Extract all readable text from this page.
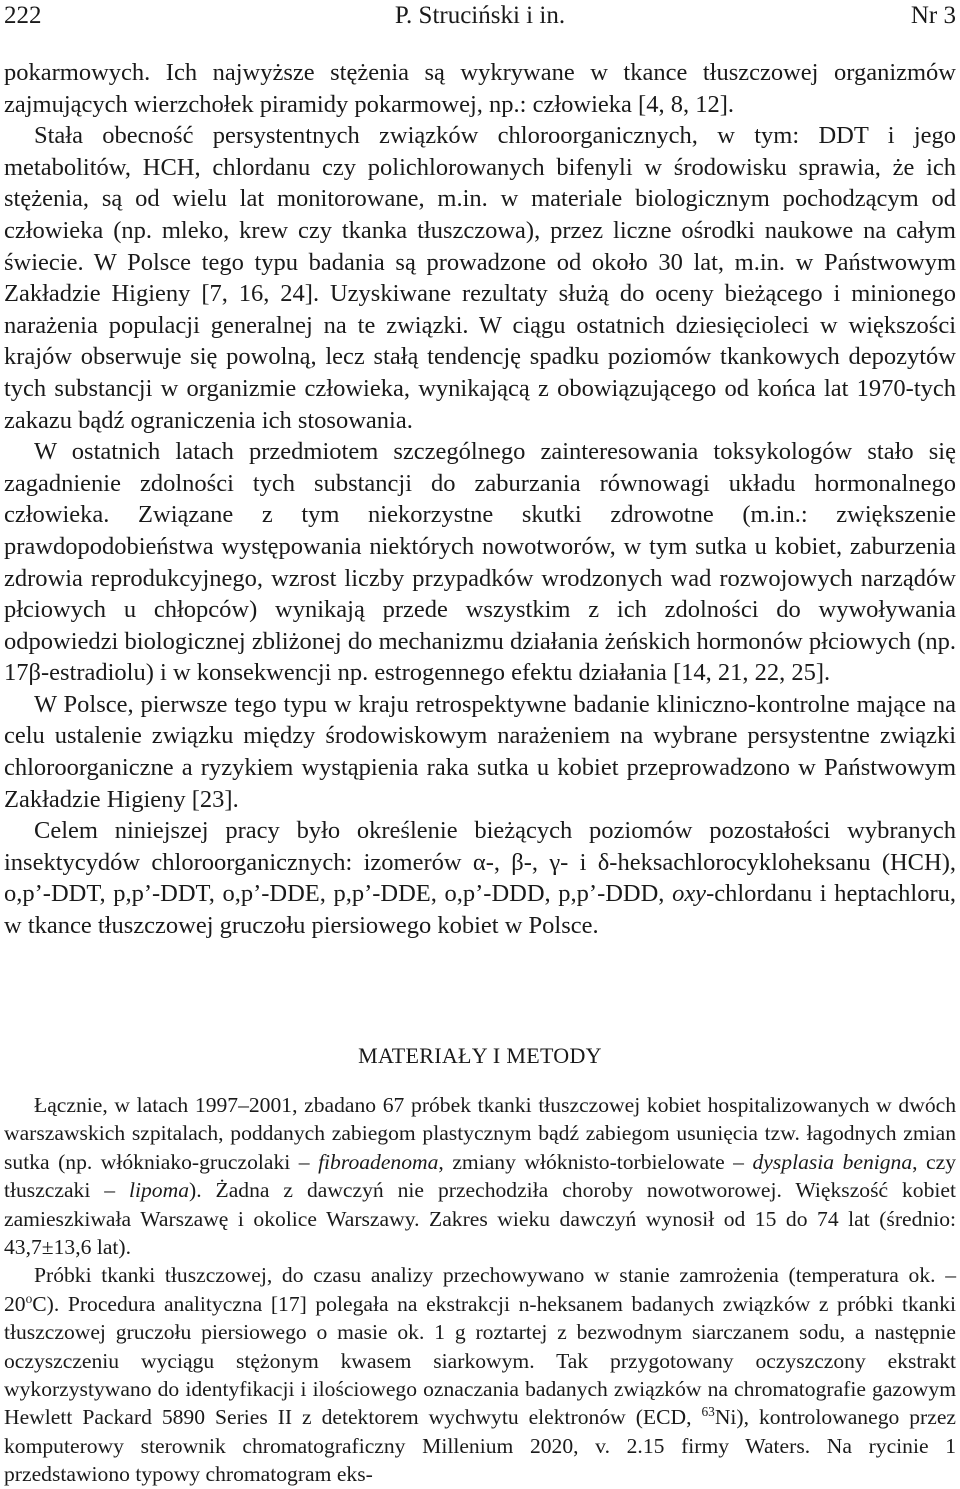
222	P. Struciński i in.	Nr 3

pokarmowych. Ich najwyższe stężenia są wykrywane w tkance tłuszczowej organizmów zajmujących wierzchołek piramidy pokarmowej, np.: człowieka [4, 8, 12].

Stała obecność persystentnych związków chloroorganicznych, w tym: DDT i jego metabolitów, HCH, chlordanu czy polichlorowanych bifenyli w środowisku sprawia, że ich stężenia, są od wielu lat monitorowane, m.in. w materiale biologicznym pochodzącym od człowieka (np. mleko, krew czy tkanka tłuszczowa), przez liczne ośrodki naukowe na całym świecie. W Polsce tego typu badania są prowadzone od około 30 lat, m.in. w Państwowym Zakładzie Higieny [7, 16, 24]. Uzyskiwane rezultaty służą do oceny bieżącego i minionego narażenia populacji generalnej na te związki. W ciągu ostatnich dziesięcioleci w większości krajów obserwuje się powolną, lecz stałą tendencję spadku poziomów tkankowych depozytów tych substancji w organizmie człowieka, wynikającą z obowiązującego od końca lat 1970-tych zakazu bądź ograniczenia ich stosowania.

W ostatnich latach przedmiotem szczególnego zainteresowania toksykologów stało się zagadnienie zdolności tych substancji do zaburzania równowagi układu hormonalnego człowieka. Związane z tym niekorzystne skutki zdrowotne (m.in.: zwiększenie prawdopodobieństwa występowania niektórych nowotworów, w tym sutka u kobiet, zaburzenia zdrowia reprodukcyjnego, wzrost liczby przypadków wrodzonych wad rozwojowych narządów płciowych u chłopców) wynikają przede wszystkim z ich zdolności do wywoływania odpowiedzi biologicznej zbliżonej do mechanizmu działania żeńskich hormonów płciowych (np. 17β-estradiolu) i w konsekwencji np. estrogennego efektu działania [14, 21, 22, 25].

W Polsce, pierwsze tego typu w kraju retrospektywne badanie kliniczno-kontrolne mające na celu ustalenie związku między środowiskowym narażeniem na wybrane persystentne związki chloroorganiczne a ryzykiem wystąpienia raka sutka u kobiet przeprowadzono w Państwowym Zakładzie Higieny [23].

Celem niniejszej pracy było określenie bieżących poziomów pozostałości wybranych insektycydów chloroorganicznych: izomerów α-, β-, γ- i δ-heksachlorocykloheksanu (HCH), o,p’-DDT, p,p’-DDT, o,p’-DDE, p,p’-DDE, o,p’-DDD, p,p’-DDD, oxy-chlordanu i heptachloru, w tkance tłuszczowej gruczołu piersiowego kobiet w Polsce.

MATERIAŁY I METODY

Łącznie, w latach 1997–2001, zbadano 67 próbek tkanki tłuszczowej kobiet hospitalizowanych w dwóch warszawskich szpitalach, poddanych zabiegom plastycznym bądź zabiegom usunięcia tzw. łagodnych zmian sutka (np. włókniako-gruczolaki – fibroadenoma, zmiany włóknisto-torbielowate – dysplasia benigna, czy tłuszczaki – lipoma). Żadna z dawczyń nie przechodziła choroby nowotworowej. Większość kobiet zamieszkiwała Warszawę i okolice Warszawy. Zakres wieku dawczyń wynosił od 15 do 74 lat (średnio: 43,7±13,6 lat).

Próbki tkanki tłuszczowej, do czasu analizy przechowywano w stanie zamrożenia (temperatura ok. –20$^o$C). Procedura analityczna [17] polegała na ekstrakcji n-heksanem badanych związków z próbki tkanki tłuszczowej gruczołu piersiowego o masie ok. 1 g roztartej z bezwodnym siarczanem sodu, a następnie oczyszczeniu wyciągu stężonym kwasem siarkowym. Tak przygotowany oczyszczony ekstrakt wykorzystywano do identyfikacji i ilościowego oznaczania badanych związków na chromatografie gazowym Hewlett Packard 5890 Series II z detektorem wychwytu elektronów (ECD, $^{63}$Ni), kontrolowanego przez komputerowy sterownik chromatograficzny Millenium 2020, v. 2.15 firmy Waters. Na rycinie 1 przedstawiono typowy chromatogram eks-
